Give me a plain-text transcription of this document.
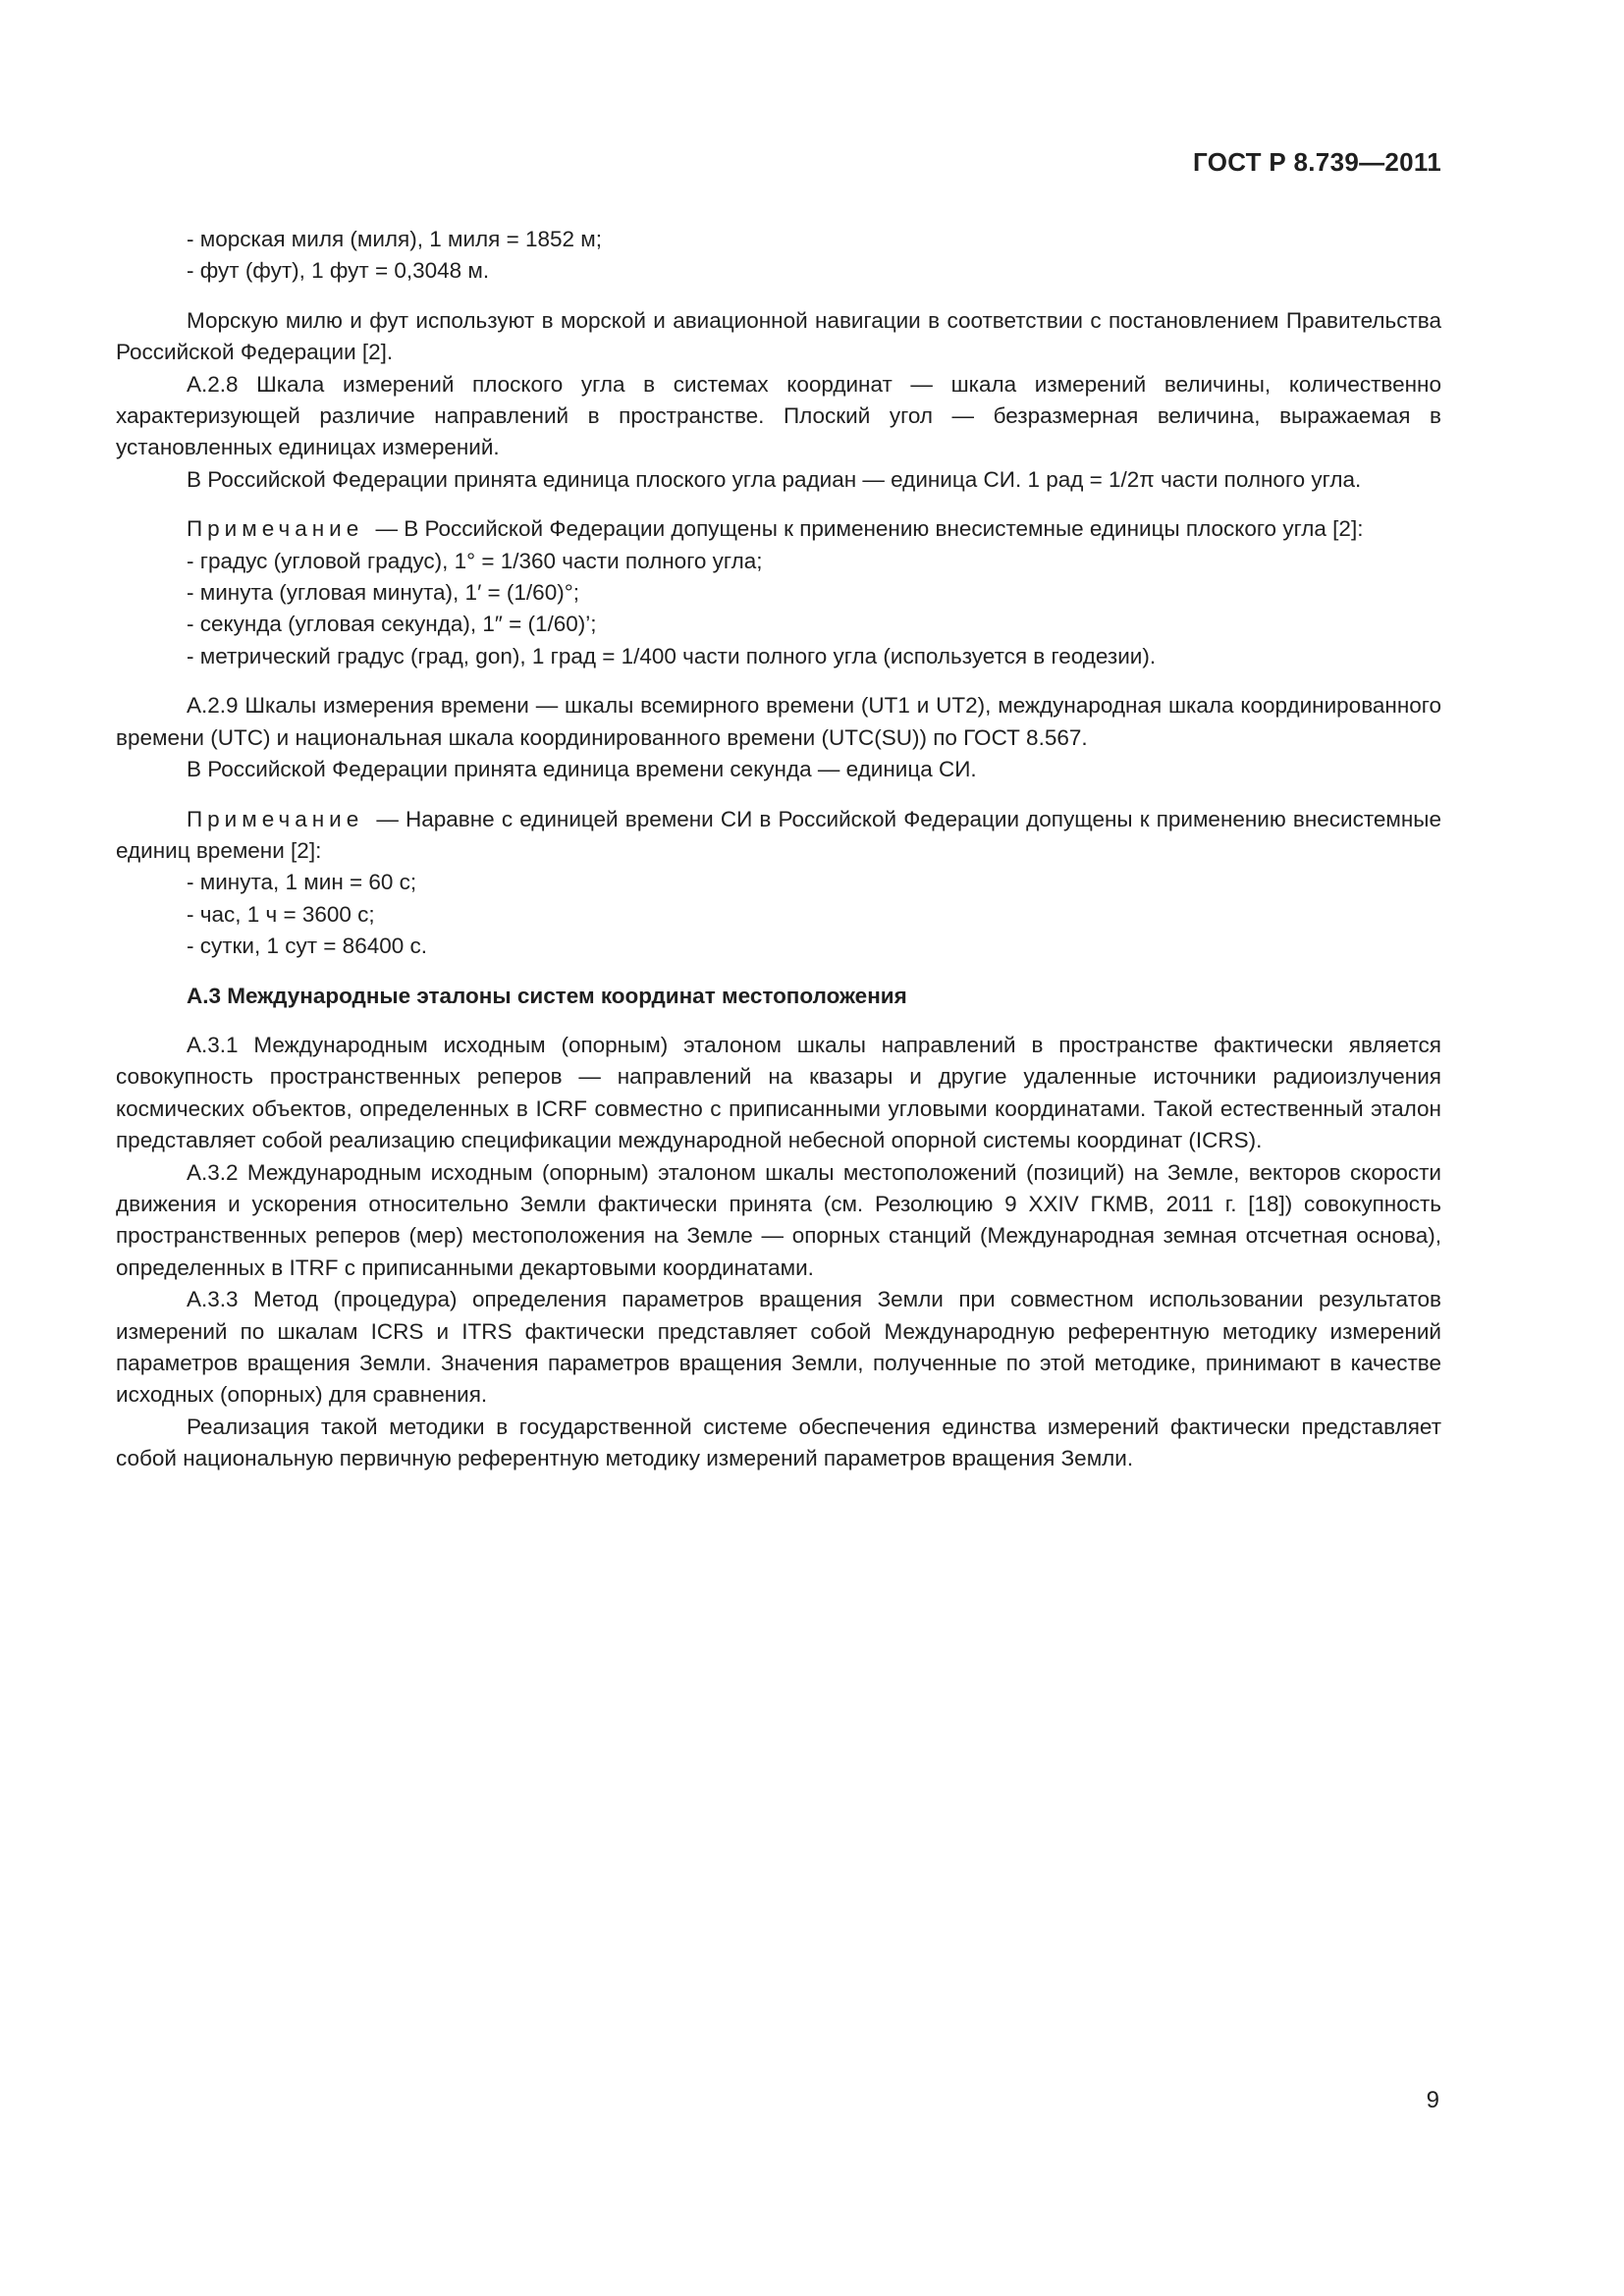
ГОСТ Р 8.739—2011
- морская миля (миля), 1 миля = 1852 м;
- фут (фут), 1 фут = 0,3048 м.

Морскую милю и фут используют в морской и авиационной навигации в соответствии с постановлением Правительства Российской Федерации [2].

А.2.8 Шкала измерений плоского угла в системах координат — шкала измерений величины, количественно характеризующей различие направлений в пространстве. Плоский угол — безразмерная величина, выражаемая в установленных единицах измерений.

В Российской Федерации принята единица плоского угла радиан — единица СИ. 1 рад = 1/2π части полного угла.

Примечание — В Российской Федерации допущены к применению внесистемные единицы плоского угла [2]:

- градус (угловой градус), 1° = 1/360 части полного угла;
- минута (угловая минута), 1′ = (1/60)°;
- секунда (угловая секунда), 1″ = (1/60)’;
- метрический градус (град, gon), 1 град = 1/400 части полного угла (используется в геодезии).

А.2.9 Шкалы измерения времени — шкалы всемирного времени (UT1 и UT2), международная шкала координированного времени (UTC) и национальная шкала координированного времени (UTC(SU)) по ГОСТ 8.567.

В Российской Федерации принята единица времени секунда — единица СИ.

Примечание — Наравне с единицей времени СИ в Российской Федерации допущены к применению внесистемные единиц времени [2]:

- минута, 1 мин = 60 с;
- час, 1 ч = 3600 с;
- сутки, 1 сут = 86400 с.
А.3 Международные эталоны систем координат местоположения

А.3.1 Международным исходным (опорным) эталоном шкалы направлений в пространстве фактически является совокупность пространственных реперов — направлений на квазары и другие удаленные источники радиоизлучения космических объектов, определенных в ICRF совместно с приписанными угловыми координатами. Такой естественный эталон представляет собой реализацию спецификации международной небесной опорной системы координат (ICRS).

А.3.2 Международным исходным (опорным) эталоном шкалы местоположений (позиций) на Земле, векторов скорости движения и ускорения относительно Земли фактически принята (см. Резолюцию 9 XXIV ГКМВ, 2011 г. [18]) совокупность пространственных реперов (мер) местоположения на Земле — опорных станций (Международная земная отсчетная основа), определенных в ITRF с приписанными декартовыми координатами.

А.3.3 Метод (процедура) определения параметров вращения Земли при совместном использовании результатов измерений по шкалам ICRS и ITRS фактически представляет собой Международную референтную методику измерений параметров вращения Земли. Значения параметров вращения Земли, полученные по этой методике, принимают в качестве исходных (опорных) для сравнения.

Реализация такой методики в государственной системе обеспечения единства измерений фактически представляет собой национальную первичную референтную методику измерений параметров вращения Земли.

9
